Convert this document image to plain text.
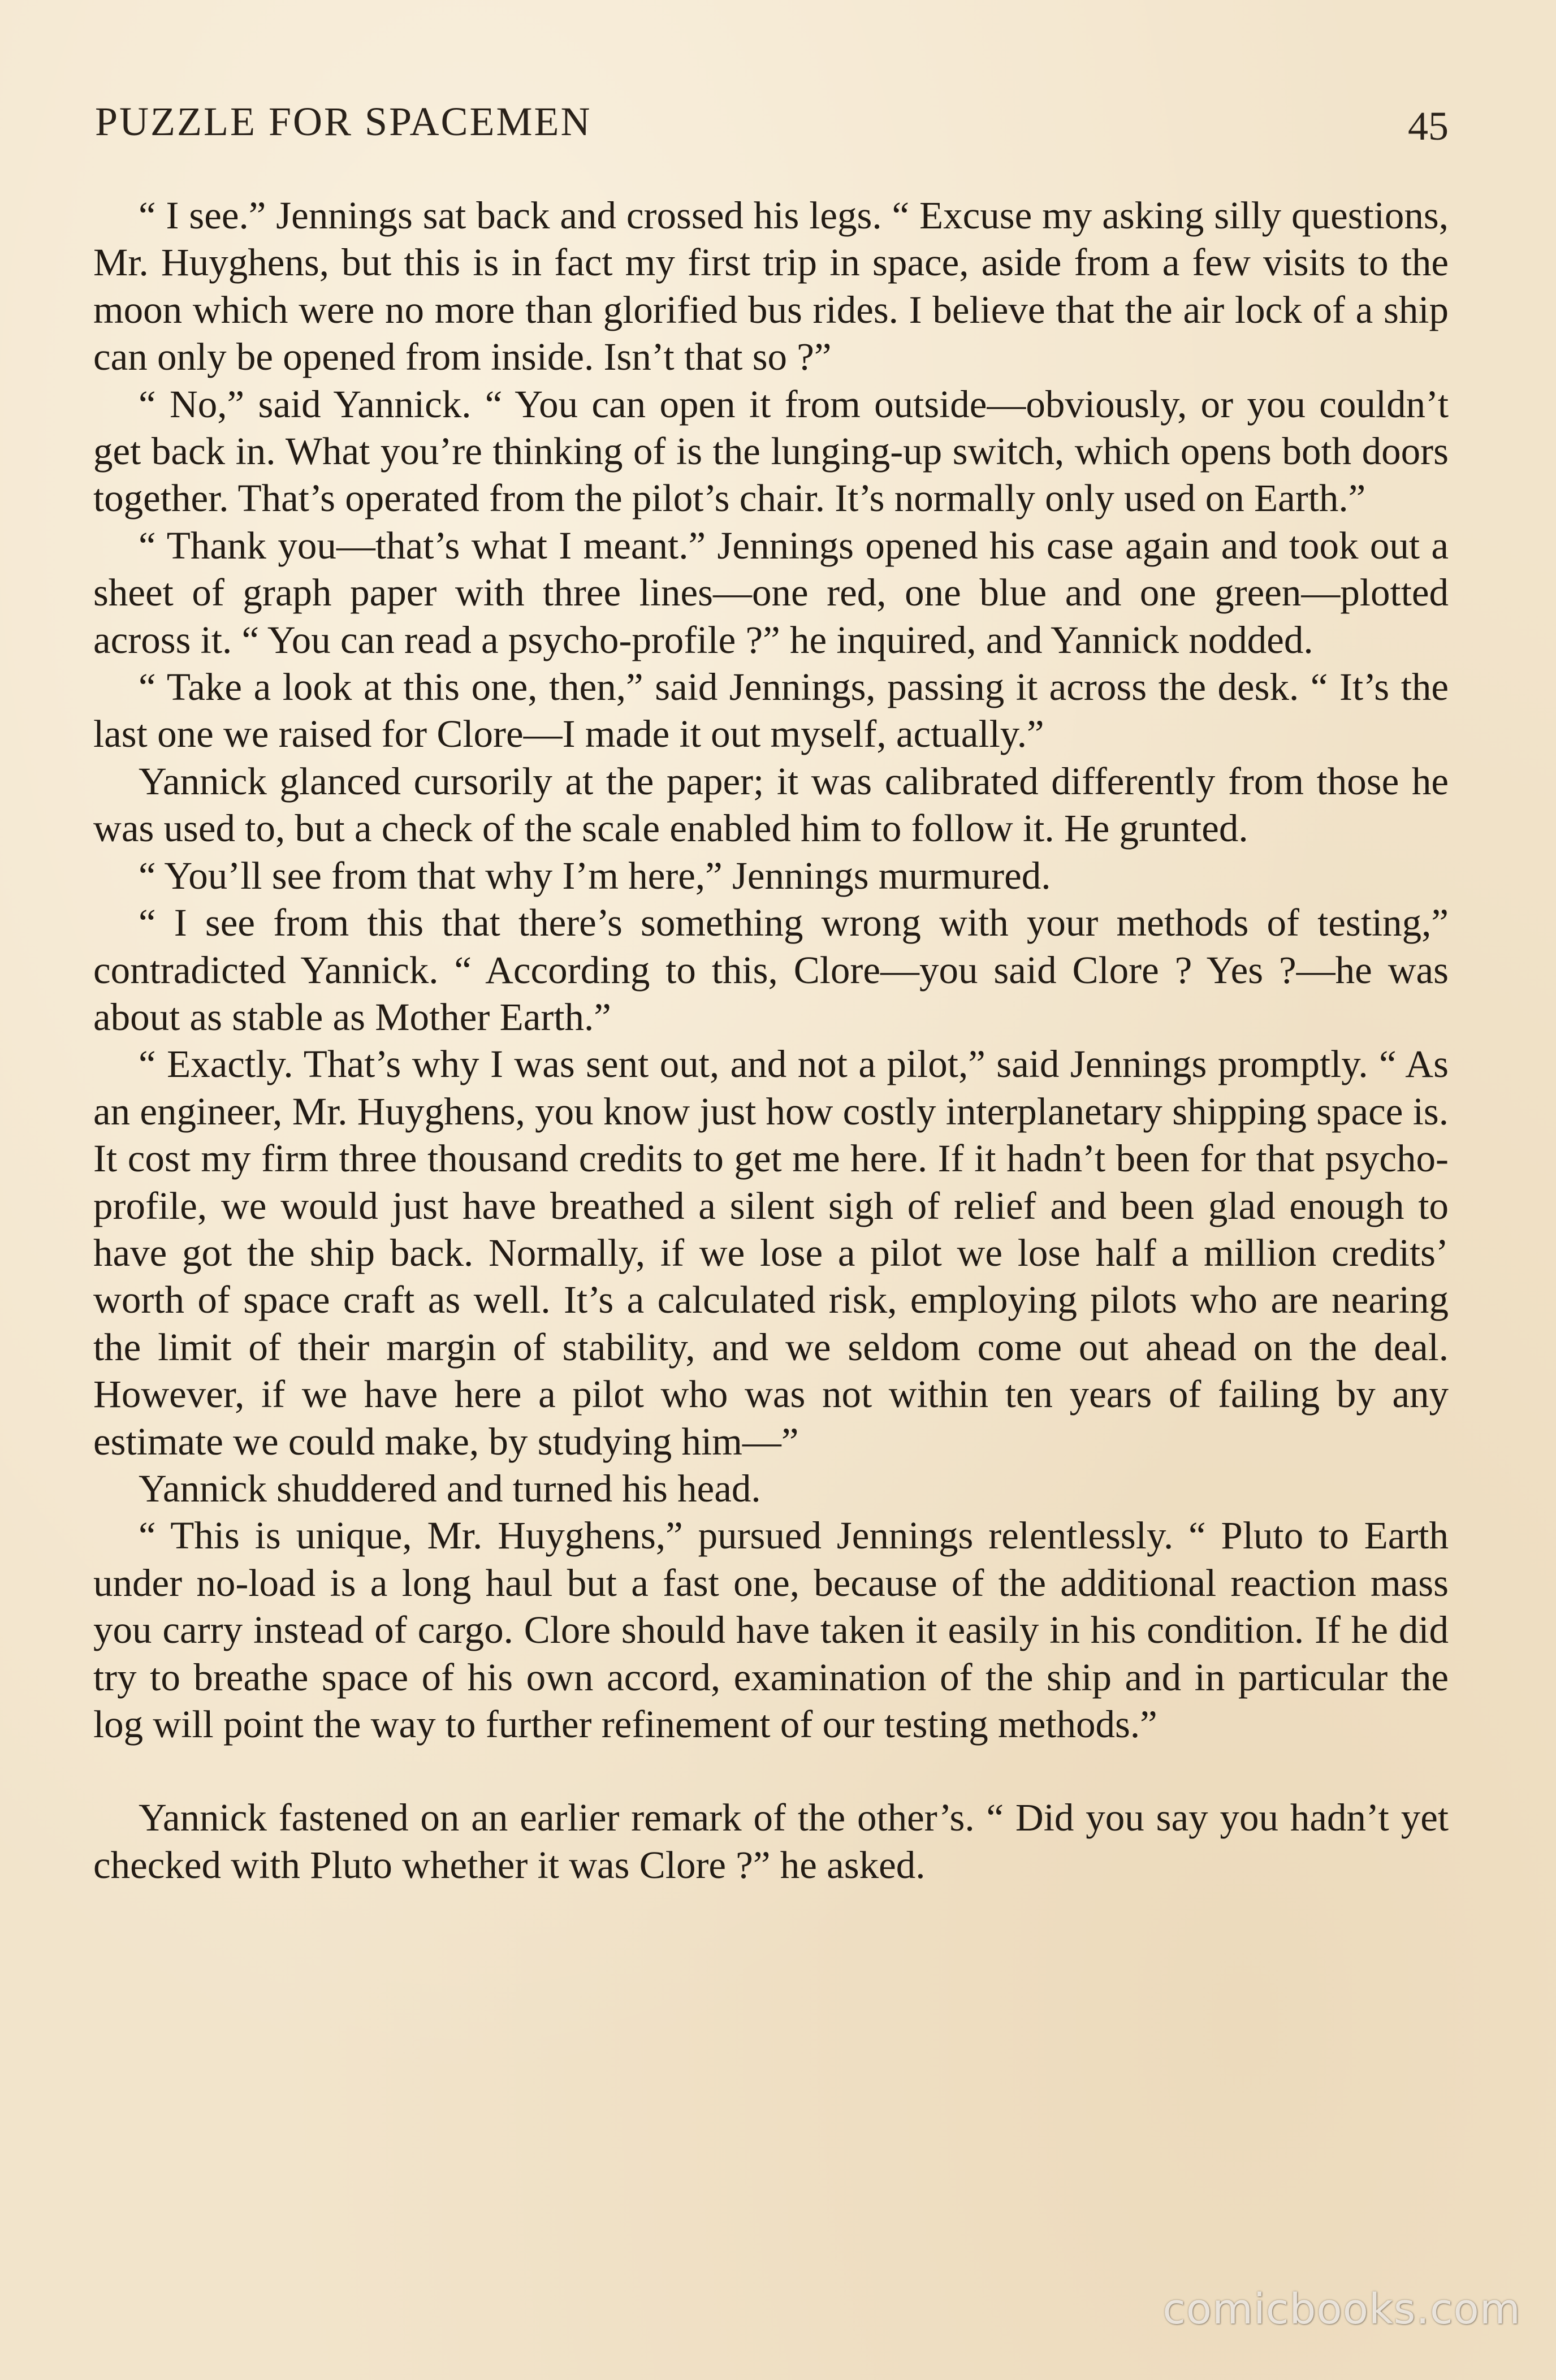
PUZZLE FOR SPACEMEN	45

“ I see.” Jennings sat back and crossed his legs. “ Excuse my asking silly questions, Mr. Huyghens, but this is in fact my first trip in space, aside from a few visits to the moon which were no more than glorified bus rides. I believe that the air lock of a ship can only be opened from inside. Isn’t that so ?”

“ No,” said Yannick. “ You can open it from outside—obviously, or you couldn’t get back in. What you’re thinking of is the lunging-up switch, which opens both doors together. That’s operated from the pilot’s chair. It’s normally only used on Earth.”

“ Thank you—that’s what I meant.” Jennings opened his case again and took out a sheet of graph paper with three lines—one red, one blue and one green—plotted across it. “ You can read a psycho-profile ?” he inquired, and Yannick nodded.

“ Take a look at this one, then,” said Jennings, passing it across the desk. “ It’s the last one we raised for Clore—I made it out myself, actually.”

Yannick glanced cursorily at the paper; it was calibrated differently from those he was used to, but a check of the scale enabled him to follow it. He grunted.

“ You’ll see from that why I’m here,” Jennings murmured.

“ I see from this that there’s something wrong with your methods of testing,” contradicted Yannick. “ According to this, Clore—you said Clore ? Yes ?—he was about as stable as Mother Earth.”

“ Exactly. That’s why I was sent out, and not a pilot,” said Jennings promptly. “ As an engineer, Mr. Huyghens, you know just how costly interplanetary shipping space is. It cost my firm three thousand credits to get me here. If it hadn’t been for that psycho-profile, we would just have breathed a silent sigh of relief and been glad enough to have got the ship back. Normally, if we lose a pilot we lose half a million credits’ worth of space craft as well. It’s a calculated risk, employing pilots who are nearing the limit of their margin of stability, and we seldom come out ahead on the deal. However, if we have here a pilot who was not within ten years of failing by any estimate we could make, by studying him—”

Yannick shuddered and turned his head.

“ This is unique, Mr. Huyghens,” pursued Jennings relentlessly. “ Pluto to Earth under no-load is a long haul but a fast one, because of the additional reaction mass you carry instead of cargo. Clore should have taken it easily in his condition. If he did try to breathe space of his own accord, examination of the ship and in particular the log will point the way to further refinement of our testing methods.”

Yannick fastened on an earlier remark of the other’s. “ Did you say you hadn’t yet checked with Pluto whether it was Clore ?” he asked.

comicbooks.com
